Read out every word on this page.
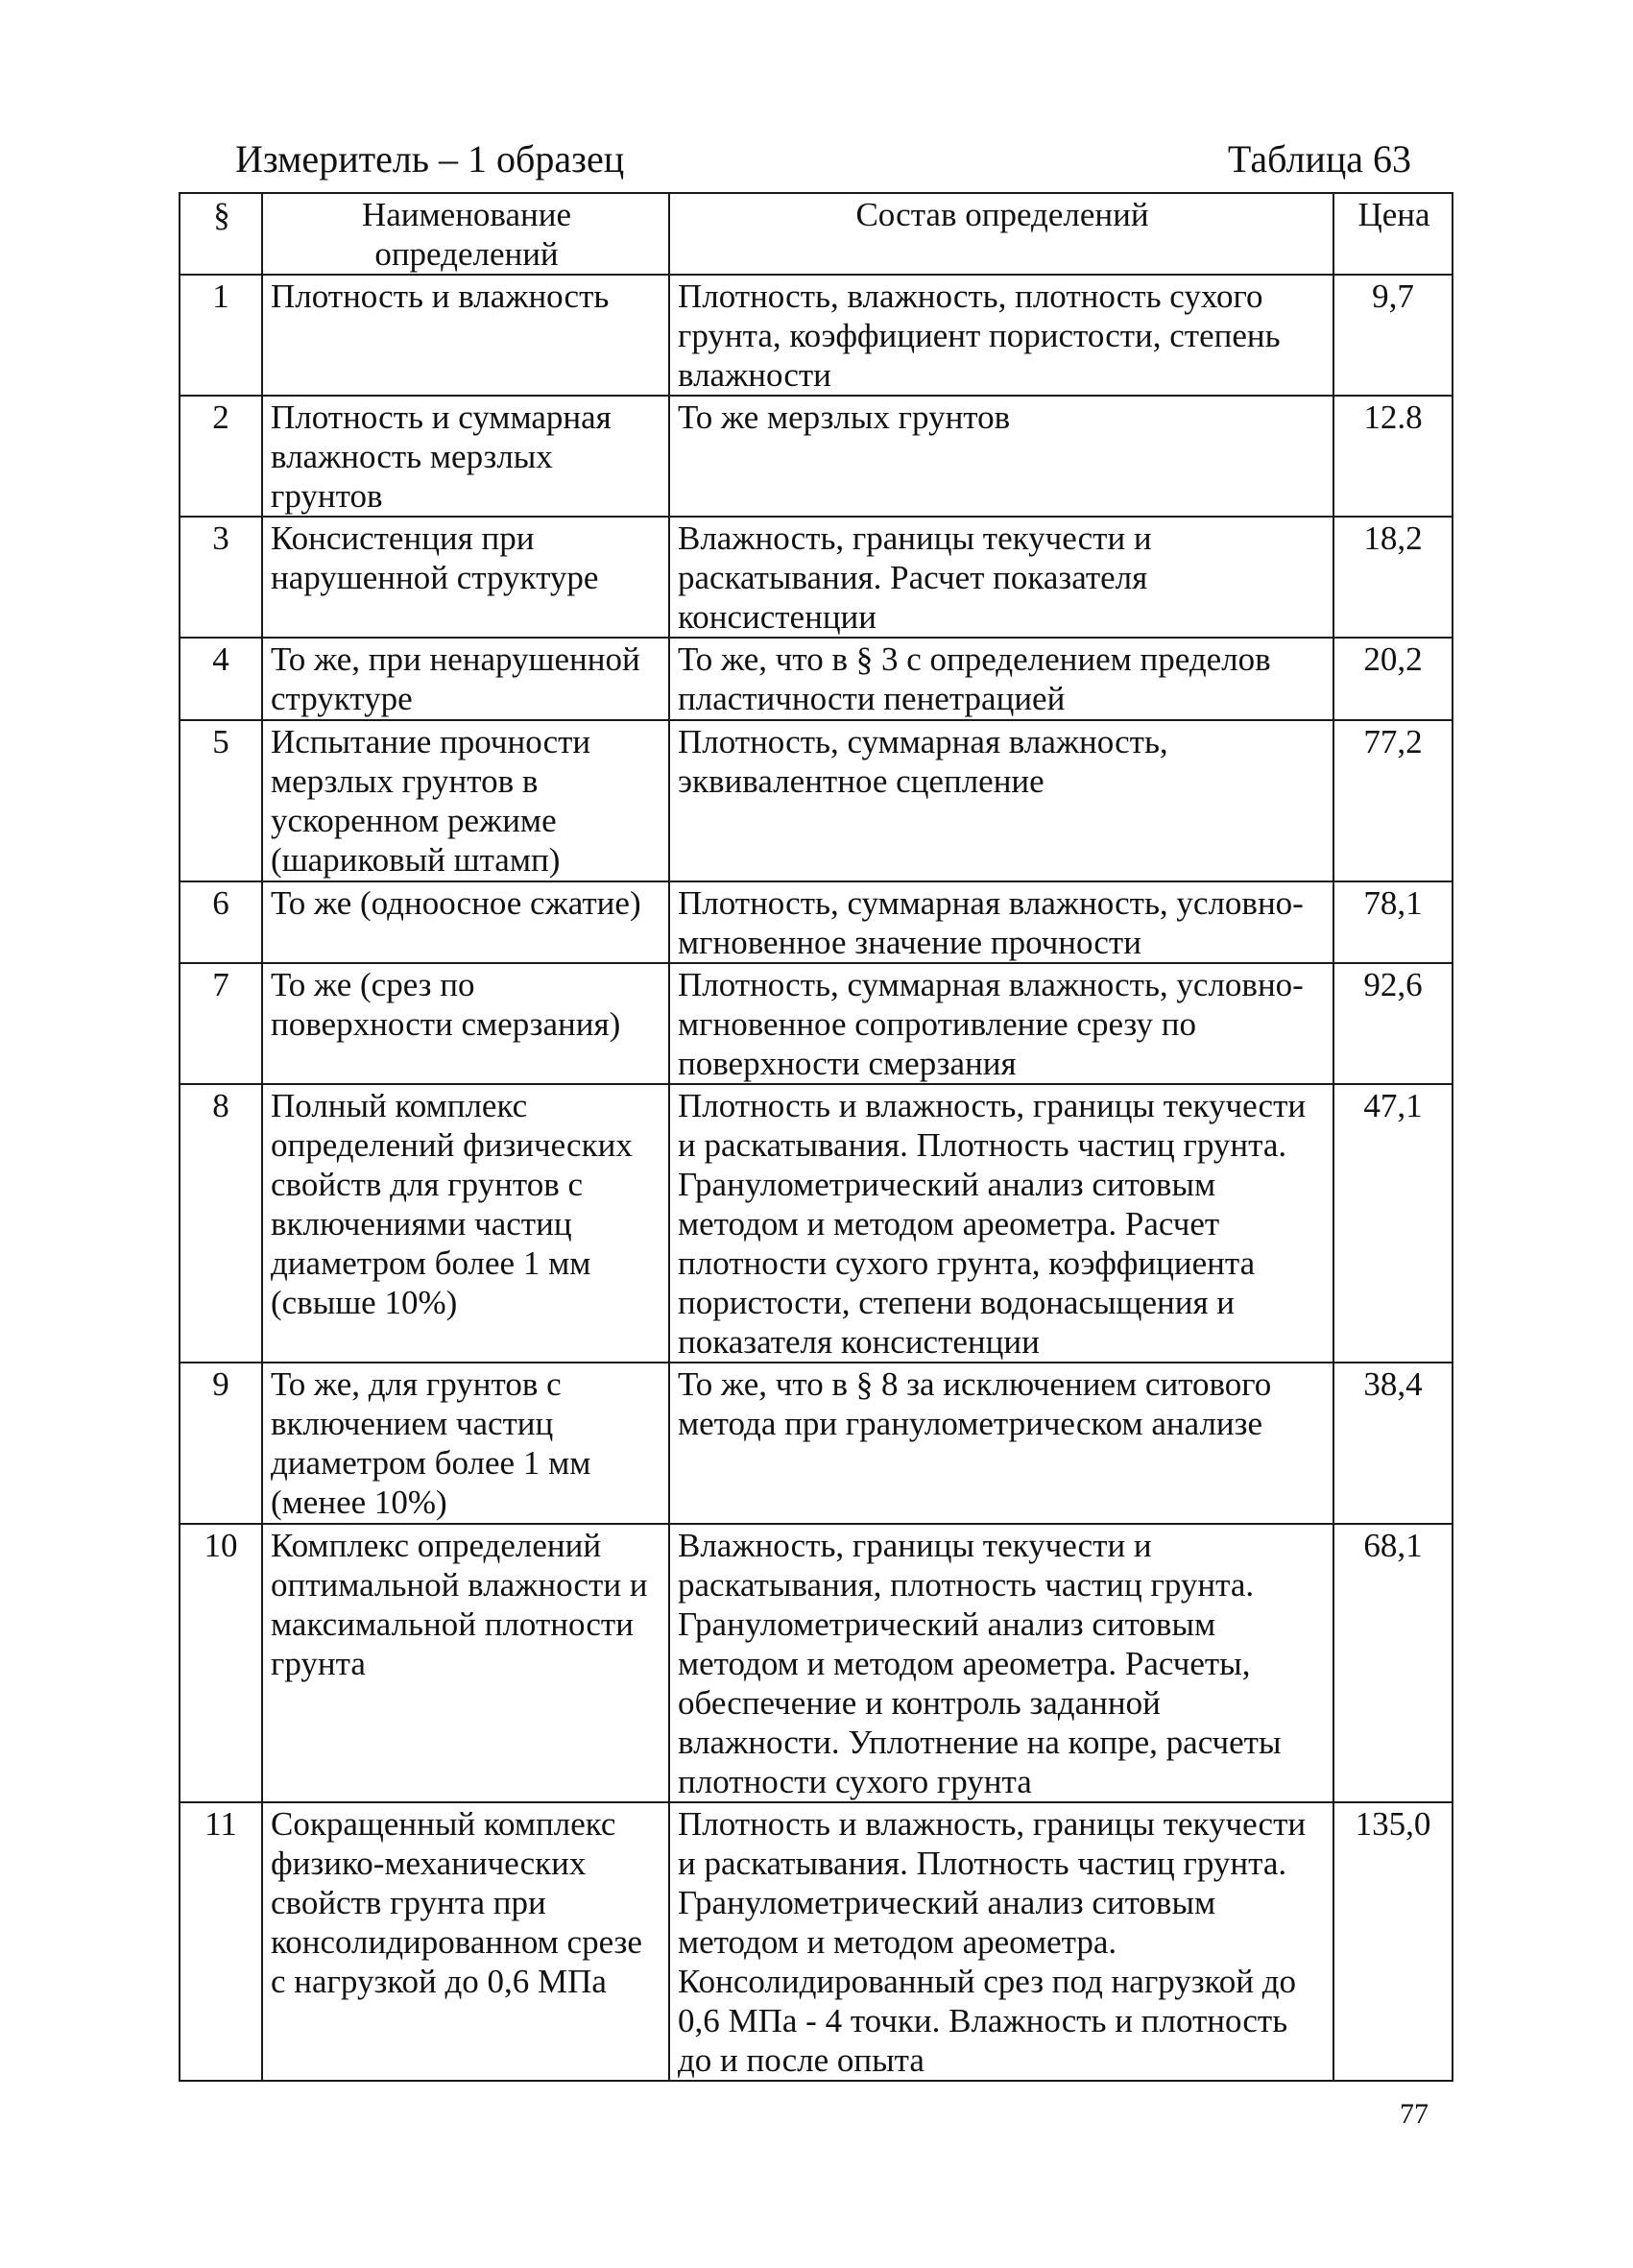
Измеритель – 1 образец	Таблица 63
§	Наименование определений	Состав определений	Цена
1	Плотность и влажность	Плотность, влажность, плотность сухого грунта, коэффициент пористости, степень влажности	9,7
2	Плотность и суммарная влажность мерзлых грунтов	То же мерзлых грунтов	12.8
3	Консистенция при нарушенной структуре	Влажность, границы текучести и раскатывания. Расчет показателя консистенции	18,2
4	То же, при ненарушенной структуре	То же, что в § 3 с определением пределов пластичности пенетрацией	20,2
5	Испытание прочности мерзлых грунтов в ускоренном режиме (шариковый штамп)	Плотность, суммарная влажность, эквивалентное сцепление	77,2
6	То же (одноосное сжатие)	Плотность, суммарная влажность, условно-мгновенное значение прочности	78,1
7	То же (срез по поверхности смерзания)	Плотность, суммарная влажность, условно-мгновенное сопротивление срезу по поверхности смерзания	92,6
8	Полный комплекс определений физических свойств для грунтов с включениями частиц диаметром более 1 мм (свыше 10%)	Плотность и влажность, границы текучести и раскатывания. Плотность частиц грунта. Гранулометрический анализ ситовым методом и методом ареометра. Расчет плотности сухого грунта, коэффициента пористости, степени водонасыщения и показателя консистенции	47,1
9	То же, для грунтов с включением частиц диаметром более 1 мм (менее 10%)	То же, что в § 8 за исключением ситового метода при гранулометрическом анализе	38,4
10	Комплекс определений оптимальной влажности и максимальной плотности грунта	Влажность, границы текучести и раскатывания, плотность частиц грунта. Гранулометрический анализ ситовым методом и методом ареометра. Расчеты, обеспечение и контроль заданной влажности. Уплотнение на копре, расчеты плотности сухого грунта	68,1
11	Сокращенный комплекс физико-механических свойств грунта при консолидированном срезе с нагрузкой до 0,6 МПа	Плотность и влажность, границы текучести и раскатывания. Плотность частиц грунта. Гранулометрический анализ ситовым методом и методом ареометра. Консолидированный срез под нагрузкой до 0,6 МПа - 4 точки. Влажность и плотность до и после опыта	135,0
77
